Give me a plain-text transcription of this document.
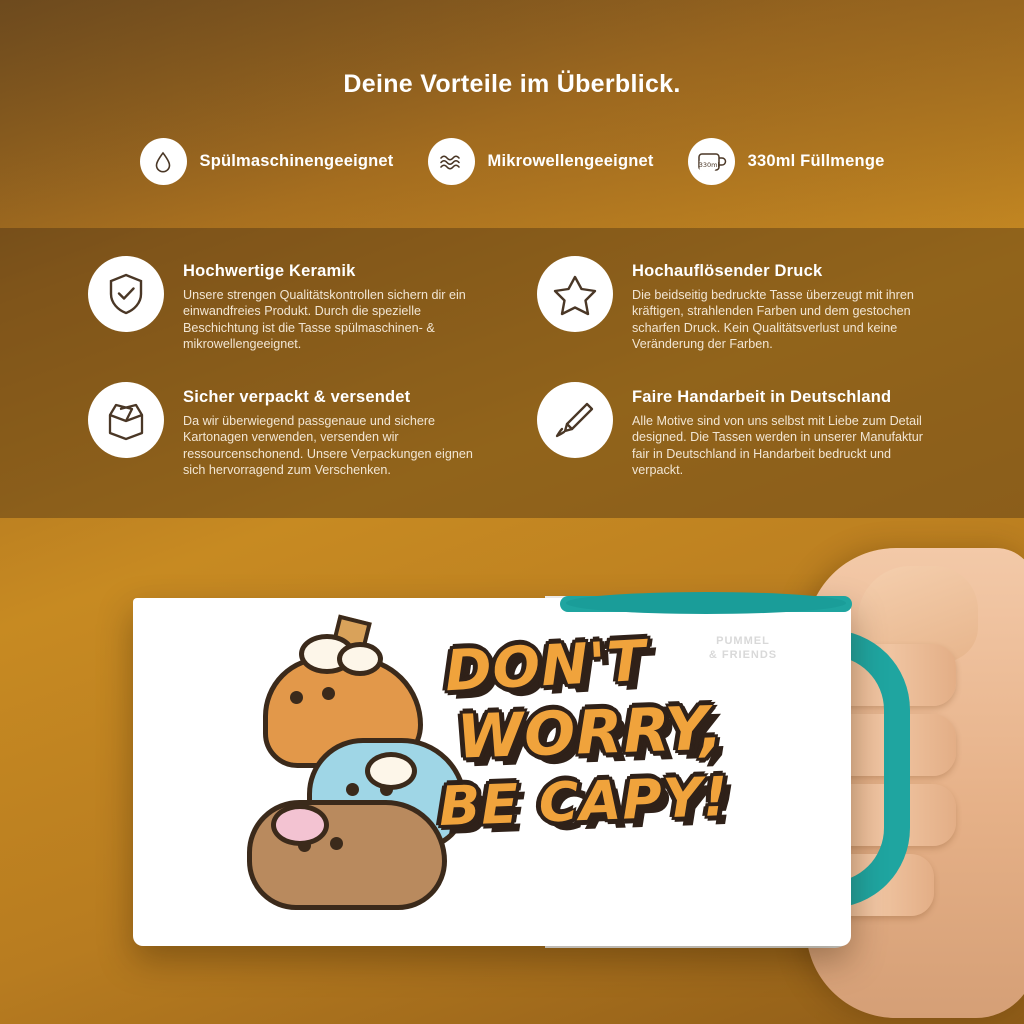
Deine Vorteile im Überblick.
Spülmaschinengeeignet	Mikrowellengeeignet	330ml 330ml Füllmenge
Hochwertige Keramik
Unsere strengen Qualitätskontrollen sichern dir ein einwandfreies Produkt. Durch die spezielle Beschichtung ist die Tasse spülmaschinen- & mikrowellengeeignet.
Hochauflösender Druck
Die beidseitig bedruckte Tasse überzeugt mit ihren kräftigen, strahlenden Farben und dem gestochen scharfen Druck. Kein Qualitätsverlust und keine Veränderung der Farben.
Sicher verpackt & versendet
Da wir überwiegend passgenaue und sichere Kartonagen verwenden, versenden wir ressourcenschonend. Unsere Verpackungen eignen sich hervorragend zum Verschenken.
Faire Handarbeit in Deutschland
Alle Motive sind von uns selbst mit Liebe zum Detail designed. Die Tassen werden in unserer Manufaktur fair in Deutschland in Handarbeit bedruckt und verpackt.
DON'T
WORRY,
BE CAPY!
PUMMEL
& FRIENDS
